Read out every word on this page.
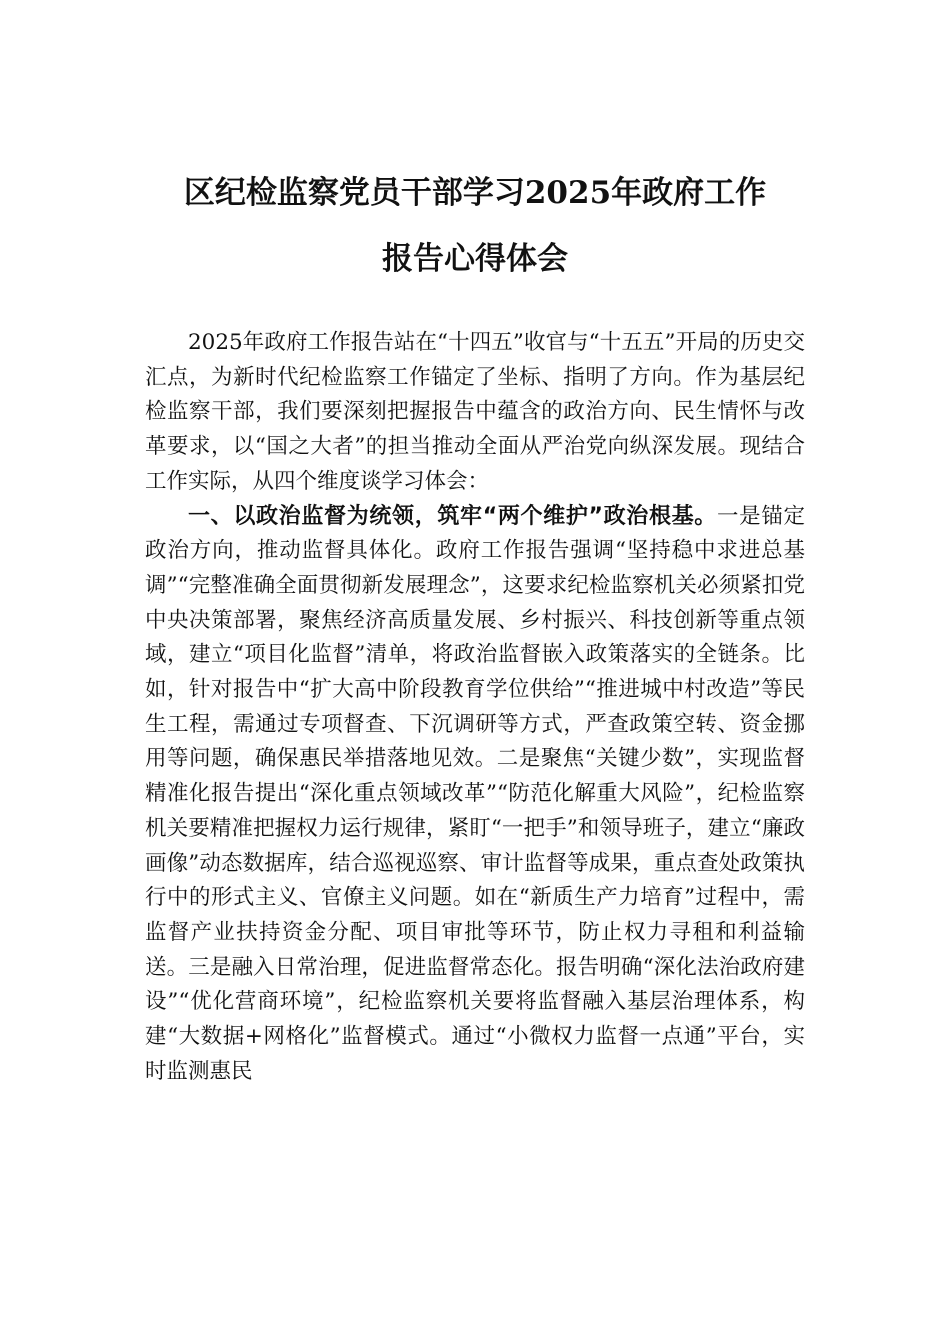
区纪检监察党员干部学习2025年政府工作
报告心得体会

2025年政府工作报告站在“十四五”收官与“十五五”开局的历史交汇点，为新时代纪检监察工作锚定了坐标、指明了方向。作为基层纪检监察干部，我们要深刻把握报告中蕴含的政治方向、民生情怀与改革要求，以“国之大者”的担当推动全面从严治党向纵深发展。现结合工作实际，从四个维度谈学习体会：

一、以政治监督为统领，筑牢“两个维护”政治根基。一是锚定政治方向，推动监督具体化。政府工作报告强调“坚持稳中求进总基调”“完整准确全面贯彻新发展理念”，这要求纪检监察机关必须紧扣党中央决策部署，聚焦经济高质量发展、乡村振兴、科技创新等重点领域，建立“项目化监督”清单，将政治监督嵌入政策落实的全链条。比如，针对报告中“扩大高中阶段教育学位供给”“推进城中村改造”等民生工程，需通过专项督查、下沉调研等方式，严查政策空转、资金挪用等问题，确保惠民举措落地见效。二是聚焦“关键少数”，实现监督精准化报告提出“深化重点领域改革”“防范化解重大风险”，纪检监察机关要精准把握权力运行规律，紧盯“一把手”和领导班子，建立“廉政画像”动态数据库，结合巡视巡察、审计监督等成果，重点查处政策执行中的形式主义、官僚主义问题。如在“新质生产力培育”过程中，需监督产业扶持资金分配、项目审批等环节，防止权力寻租和利益输送。三是融入日常治理，促进监督常态化。报告明确“深化法治政府建设”“优化营商环境”，纪检监察机关要将监督融入基层治理体系，构建“大数据+网格化”监督模式。通过“小微权力监督一点通”平台，实时监测惠民
